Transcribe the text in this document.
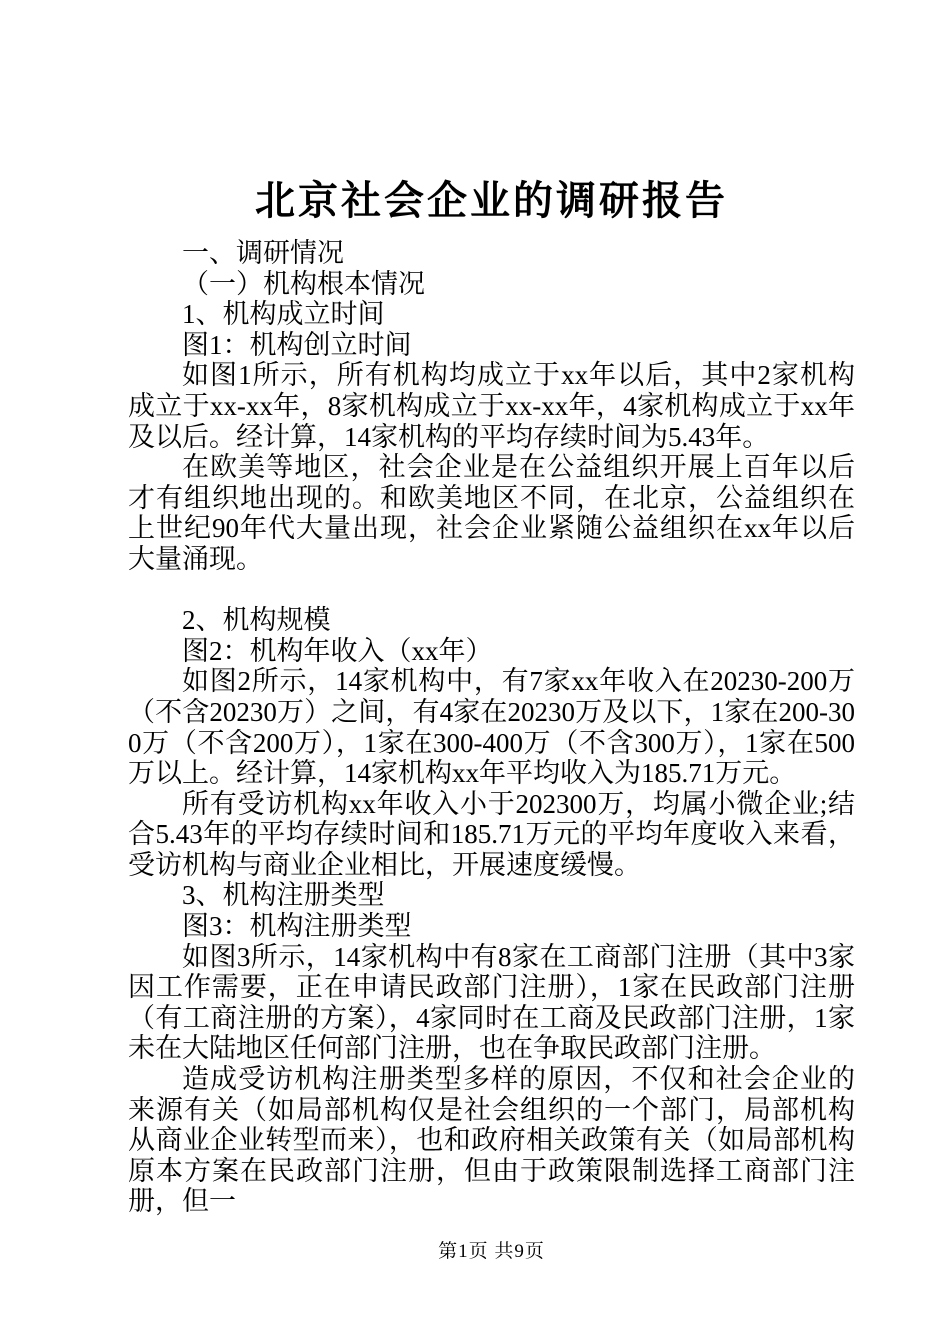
北京社会企业的调研报告

一、调研情况

（一）机构根本情况

1、机构成立时间

图1：机构创立时间

如图1所示，所有机构均成立于xx年以后，其中2家机构成立于xx-xx年，8家机构成立于xx-xx年，4家机构成立于xx年及以后。经计算，14家机构的平均存续时间为5.43年。

在欧美等地区，社会企业是在公益组织开展上百年以后才有组织地出现的。和欧美地区不同，在北京，公益组织在上世纪90年代大量出现，社会企业紧随公益组织在xx年以后大量涌现。

2、机构规模

图2：机构年收入（xx年）

如图2所示，14家机构中，有7家xx年收入在20230-200万（不含20230万）之间，有4家在20230万及以下，1家在200-300万（不含200万），1家在300-400万（不含300万），1家在500万以上。经计算，14家机构xx年平均收入为185.71万元。

所有受访机构xx年收入小于202300万，均属小微企业;结合5.43年的平均存续时间和185.71万元的平均年度收入来看，受访机构与商业企业相比，开展速度缓慢。

3、机构注册类型

图3：机构注册类型

如图3所示，14家机构中有8家在工商部门注册（其中3家因工作需要，正在申请民政部门注册），1家在民政部门注册（有工商注册的方案），4家同时在工商及民政部门注册，1家未在大陆地区任何部门注册，也在争取民政部门注册。

造成受访机构注册类型多样的原因，不仅和社会企业的来源有关（如局部机构仅是社会组织的一个部门，局部机构从商业企业转型而来），也和政府相关政策有关（如局部机构原本方案在民政部门注册，但由于政策限制选择工商部门注册，但一

第1页 共9页
